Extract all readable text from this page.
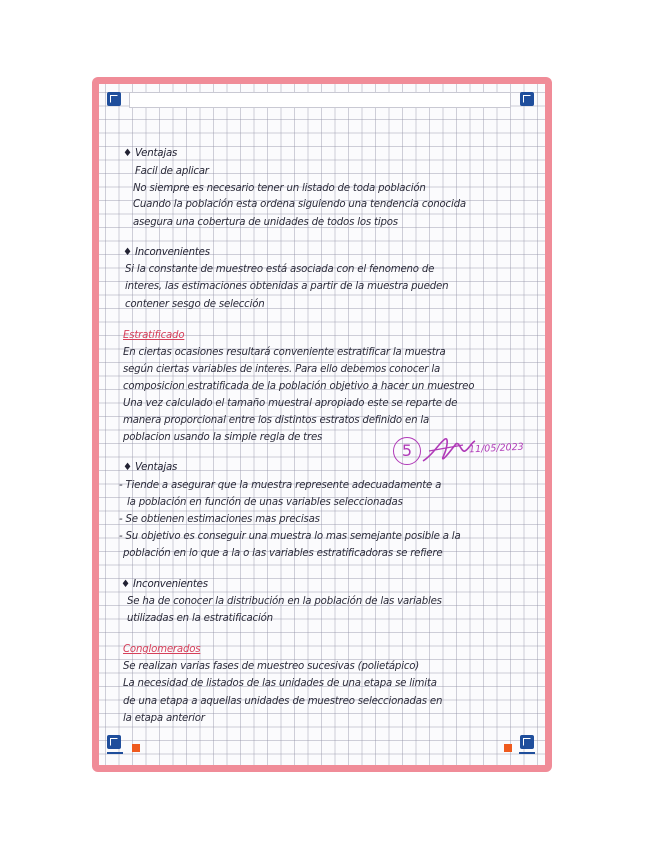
♦ Ventajas
Facil de aplicar
No siempre es necesario tener un listado de toda población
Cuando la población esta ordena siguiendo una tendencia conocida
asegura una cobertura de unidades de todos los tipos
♦ Inconvenientes
Si la constante de muestreo está asociada con el fenomeno de
interes, las estimaciones obtenidas a partir de la muestra pueden
contener sesgo de selección
Estratificado
En ciertas ocasiones resultará conveniente estratificar la muestra
según ciertas variables de interes. Para ello debemos conocer la
composicion estratificada de la población objetivo a hacer un muestreo
Una vez calculado el tamaño muestral apropiado este se reparte de
manera proporcional entre los distintos estratos definido en la
poblacion usando la simple regla de tres
♦ Ventajas
- Tiende a asegurar que la muestra represente adecuadamente a
la población en función de unas variables seleccionadas
- Se obtienen estimaciones mas precisas
- Su objetivo es conseguir una muestra lo mas semejante posible a la
población en lo que a la o las variables estratificadoras se refiere
♦ Inconvenientes
Se ha de conocer la distribución en la población de las variables
utilizadas en la estratificación
Conglomerados
Se realizan varias fases de muestreo sucesivas (polietápico)
La necesidad de listados de las unidades de una etapa se limita
de una etapa a aquellas unidades de muestreo seleccionadas en
la etapa anterior
5	11/05/2023
